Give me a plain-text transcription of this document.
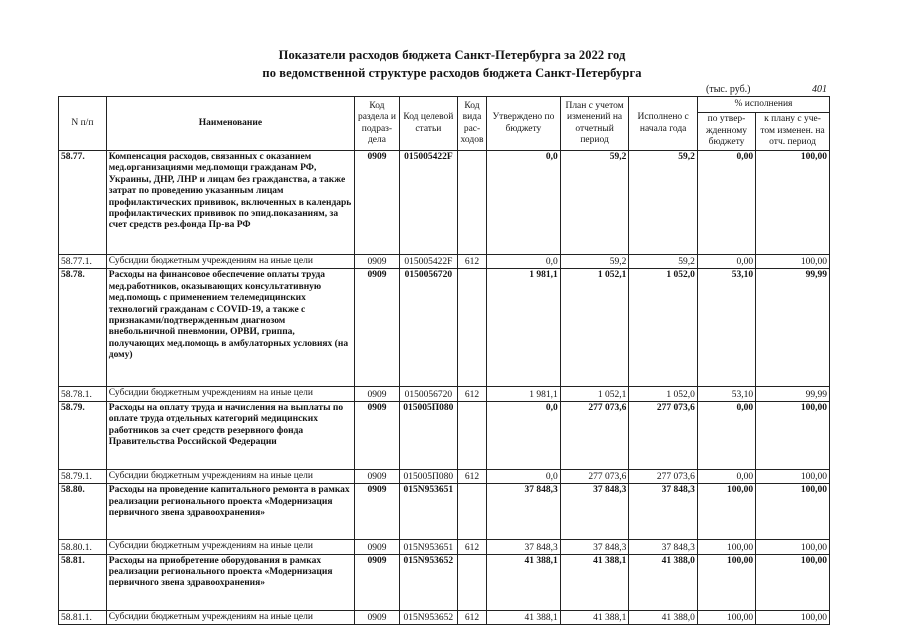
Показатели расходов бюджета Санкт-Петербурга за 2022 год
по ведомственной структуре расходов бюджета Санкт-Петербурга
(тыс. руб.)	401
N п/п	Наименование	Код раздела и подраз- дела	Код целевой статьи	Код вида рас- ходов	Утверждено по бюджету	План с учетом изменений на отчетный период	Исполнено с начала года	% исполнения	
								по утвер- жденному бюджету	к плану с уче- том изменен. на отч. период
58.77.	Компенсация расходов, связанных с оказанием мед.организациями мед.помощи гражданам РФ, Украины, ДНР, ЛНР и лицам без гражданства, а также затрат по проведению указанным лицам профилактических прививок, включенных в календарь профилактических прививок по эпид.показаниям, за счет средств рез.фонда Пр-ва РФ	0909	015005422F		0,0	59,2	59,2	0,00	100,00
58.77.1.	Субсидии бюджетным учреждениям на иные цели	0909	015005422F	612	0,0	59,2	59,2	0,00	100,00
58.78.	Расходы на финансовое обеспечение оплаты труда мед.работников, оказывающих консультативную мед.помощь с применением телемедицинских технологий гражданам с COVID-19, а также с признаками/подтвержденным диагнозом внебольничной пневмонии, ОРВИ, гриппа, получающих мед.помощь в амбулаторных условиях (на дому)	0909	0150056720		1 981,1	1 052,1	1 052,0	53,10	99,99
58.78.1.	Субсидии бюджетным учреждениям на иные цели	0909	0150056720	612	1 981,1	1 052,1	1 052,0	53,10	99,99
58.79.	Расходы на оплату труда и начисления на выплаты по оплате труда отдельных категорий медицинских работников за счет средств резервного фонда Правительства Российской Федерации	0909	015005П080		0,0	277 073,6	277 073,6	0,00	100,00
58.79.1.	Субсидии бюджетным учреждениям на иные цели	0909	015005П080	612	0,0	277 073,6	277 073,6	0,00	100,00
58.80.	Расходы на проведение капитального ремонта в рамках реализации регионального проекта «Модернизация первичного звена здравоохранения»	0909	015N953651		37 848,3	37 848,3	37 848,3	100,00	100,00
58.80.1.	Субсидии бюджетным учреждениям на иные цели	0909	015N953651	612	37 848,3	37 848,3	37 848,3	100,00	100,00
58.81.	Расходы на приобретение оборудования в рамках реализации регионального проекта «Модернизация первичного звена здравоохранения»	0909	015N953652		41 388,1	41 388,1	41 388,0	100,00	100,00
58.81.1.	Субсидии бюджетным учреждениям на иные цели	0909	015N953652	612	41 388,1	41 388,1	41 388,0	100,00	100,00
